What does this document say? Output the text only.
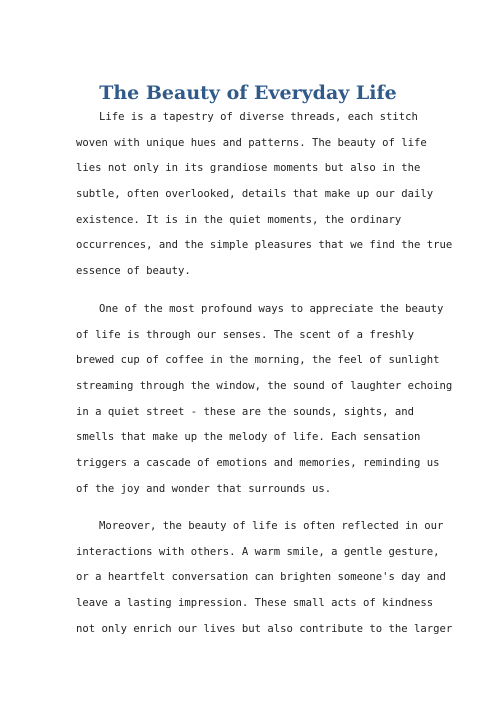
The Beauty of Everyday Life

Life is a tapestry of diverse threads, each stitch
woven with unique hues and patterns. The beauty of life
lies not only in its grandiose moments but also in the
subtle, often overlooked, details that make up our daily
existence. It is in the quiet moments, the ordinary
occurrences, and the simple pleasures that we find the true
essence of beauty.

One of the most profound ways to appreciate the beauty
of life is through our senses. The scent of a freshly
brewed cup of coffee in the morning, the feel of sunlight
streaming through the window, the sound of laughter echoing
in a quiet street - these are the sounds, sights, and
smells that make up the melody of life. Each sensation
triggers a cascade of emotions and memories, reminding us
of the joy and wonder that surrounds us.

Moreover, the beauty of life is often reflected in our
interactions with others. A warm smile, a gentle gesture,
or a heartfelt conversation can brighten someone's day and
leave a lasting impression. These small acts of kindness
not only enrich our lives but also contribute to the larger
